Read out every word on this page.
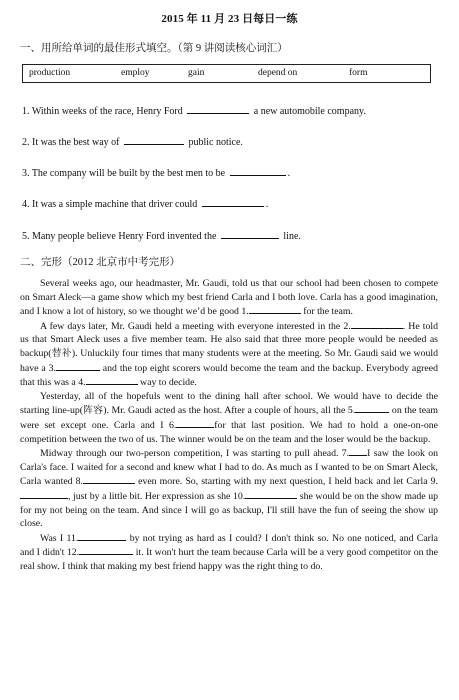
2015 年 11 月 23 日每日一练
一、用所给单词的最佳形式填空。（第 9 讲阅读核心词汇）
production	employ	gain	depend on	form
1. Within weeks of the race, Henry Ford	a new automobile company.
2. It was the best way of	public notice.
3. The company will be built by the best men to be	.
4. It was a simple machine that driver could	.
5. Many people believe Henry Ford invented the	line.
二、完形（2012 北京市中考完形）

Several weeks ago, our headmaster, Mr. Gaudi, told us that our school had been chosen to compete on Smart Aleck—a game show which my best friend Carla and I both love. Carla has a good imagination, and I know a lot of history, so we thought we’d be good 1.	for the team.

A few days later, Mr. Gaudi held a meeting with everyone interested in the 2.	. He told us that Smart Aleck uses a five member team. He also said that three more people would be needed as backup(替补). Unluckily four times that many students were at the meeting. So Mr. Gaudi said we would have a 3.	and the top eight scorers would become the team and the backup. Everybody agreed that this was a 4.	way to decide.

Yesterday, all of the hopefuls went to the dining hall after school. We would have to decide the starting line-up(阵容). Mr. Gaudi acted as the host. After a couple of hours, all the 5.	on the team were set except one. Carla and I 6.	for that last position. We had to hold a one-on-one competition between the two of us. The winner would be on the team and the loser would be the backup.

Midway through our two-person competition, I was starting to pull ahead. 7. I saw the look on Carla's face. I waited for a second and knew what I had to do. As much as I wanted to be on Smart Aleck, Carla wanted 8.	even more. So, starting with my next question, I held back and let Carla 9., just by a little bit. Her expression as she 10.	she would be on the show made up for my not being on the team. And since I will go as backup, I'll still have the fun of seeing the show up close.

Was I 11.	by not trying as hard as I could? I don't think so. No one noticed, and Carla and I didn't 12.	it. It won't hurt the team because Carla will be a very good competitor on the real show. I think that making my best friend happy was the right thing to do.
